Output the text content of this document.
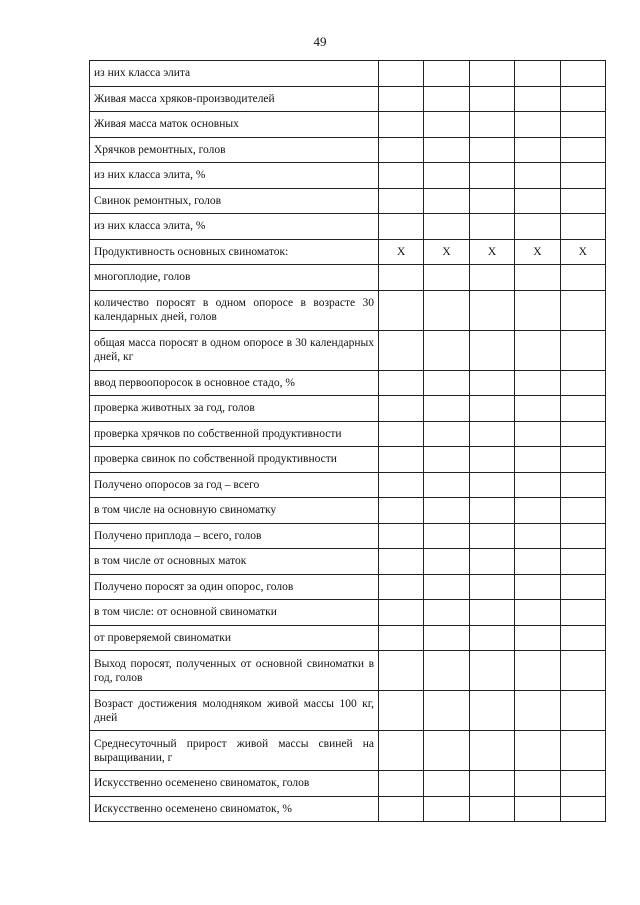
49
из них класса элита					
Живая масса хряков-производителей					
Живая масса маток основных					
Хрячков ремонтных, голов					
из них класса элита, %					
Свинок ремонтных, голов					
из них класса элита, %					
Продуктивность основных свиноматок:	X	X	X	X	X
многоплодие, голов					
количество поросят в одном опоросе в возрасте 30 календарных дней, голов					
общая масса поросят в одном опоросе в 30 календарных дней, кг					
ввод первоопоросок в основное стадо, %					
проверка животных за год, голов					
проверка хрячков по собственной продуктивности					
проверка свинок по собственной продуктивности					
Получено опоросов за год – всего					
в том числе на основную свиноматку					
Получено приплода – всего, голов					
в том числе от основных маток					
Получено поросят за один опорос, голов					
в том числе: от основной свиноматки					
от проверяемой свиноматки					
Выход поросят, полученных от основной свиноматки в год, голов					
Возраст достижения молодняком живой массы 100 кг, дней					
Среднесуточный прирост живой массы свиней на выращивании, г					
Искусственно осеменено свиноматок, голов					
Искусственно осеменено свиноматок, %					
